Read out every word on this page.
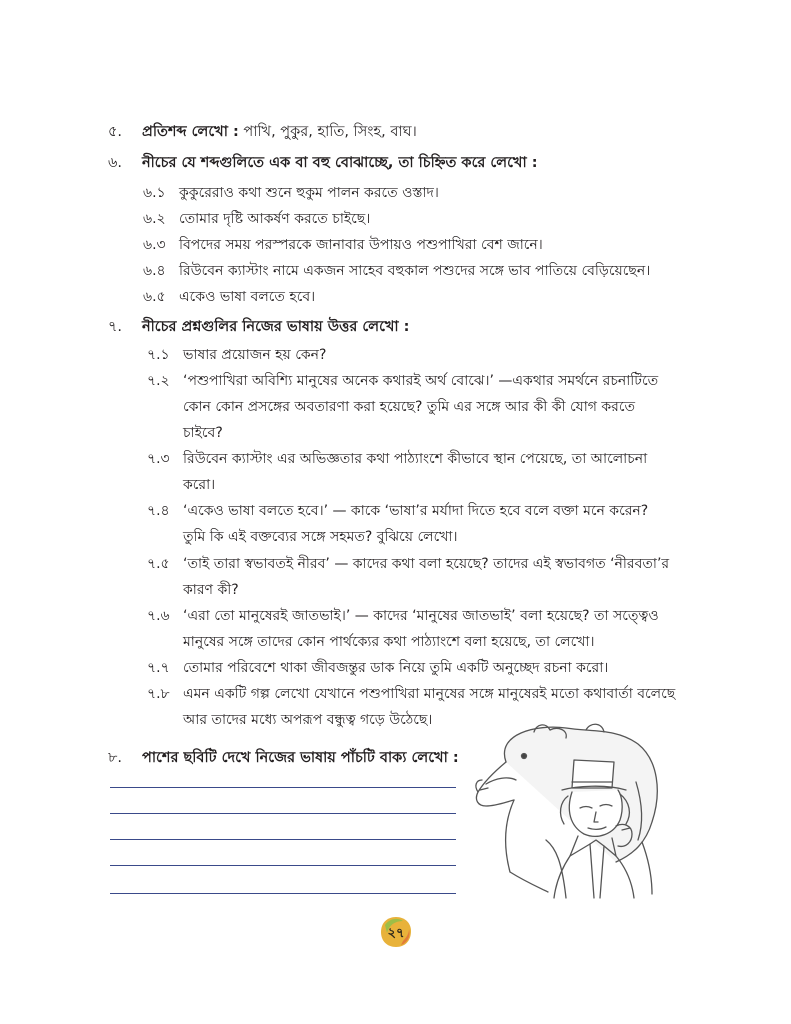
৫. প্রতিশব্দ লেখো : পাখি, পুকুর, হাতি, সিংহ, বাঘ।
৬. নীচের যে শব্দগুলিতে এক বা বহু বোঝাচ্ছে, তা চিহ্নিত করে লেখো :
৬.১ কুকুরেরাও কথা শুনে হুকুম পালন করতে ওস্তাদ।
৬.২ তোমার দৃষ্টি আকর্ষণ করতে চাইছে।
৬.৩ বিপদের সময় পরস্পরকে জানাবার উপায়ও পশুপাখিরা বেশ জানে।
৬.৪ রিউবেন ক্যাস্টাং নামে একজন সাহেব বহুকাল পশুদের সঙ্গে ভাব পাতিয়ে বেড়িয়েছেন।
৬.৫ একেও ভাষা বলতে হবে।
৭. নীচের প্রশ্নগুলির নিজের ভাষায় উত্তর লেখো :
৭.১ ভাষার প্রয়োজন হয় কেন?
৭.২ ‘পশুপাখিরা অবিশ্যি মানুষের অনেক কথারই অর্থ বোঝে।’ —একথার সমর্থনে রচনাটিতে
কোন কোন প্রসঙ্গের অবতারণা করা হয়েছে? তুমি এর সঙ্গে আর কী কী যোগ করতে
চাইবে?
৭.৩ রিউবেন ক্যাস্টাং এর অভিজ্ঞতার কথা পাঠ্যাংশে কীভাবে স্থান পেয়েছে, তা আলোচনা
করো।
৭.৪ ‘একেও ভাষা বলতে হবে।’ — কাকে ‘ভাষা’র মর্যাদা দিতে হবে বলে বক্তা মনে করেন?
তুমি কি এই বক্তব্যের সঙ্গে সহমত? বুঝিয়ে লেখো।
৭.৫ ‘তাই তারা স্বভাবতই নীরব’ — কাদের কথা বলা হয়েছে? তাদের এই স্বভাবগত ‘নীরবতা’র
কারণ কী?
৭.৬ ‘এরা তো মানুষেরই জাতভাই।’ — কাদের ‘মানুষের জাতভাই’ বলা হয়েছে? তা সত্ত্বেও
মানুষের সঙ্গে তাদের কোন পার্থক্যের কথা পাঠ্যাংশে বলা হয়েছে, তা লেখো।
৭.৭ তোমার পরিবেশে থাকা জীবজন্তুর ডাক নিয়ে তুমি একটি অনুচ্ছেদ রচনা করো।
৭.৮ এমন একটি গল্প লেখো যেখানে পশুপাখিরা মানুষের সঙ্গে মানুষেরই মতো কথাবার্তা বলেছে
আর তাদের মধ্যে অপরূপ বন্ধুত্ব গড়ে উঠেছে।
৮. পাশের ছবিটি দেখে নিজের ভাষায় পাঁচটি বাক্য লেখো :
২৭
